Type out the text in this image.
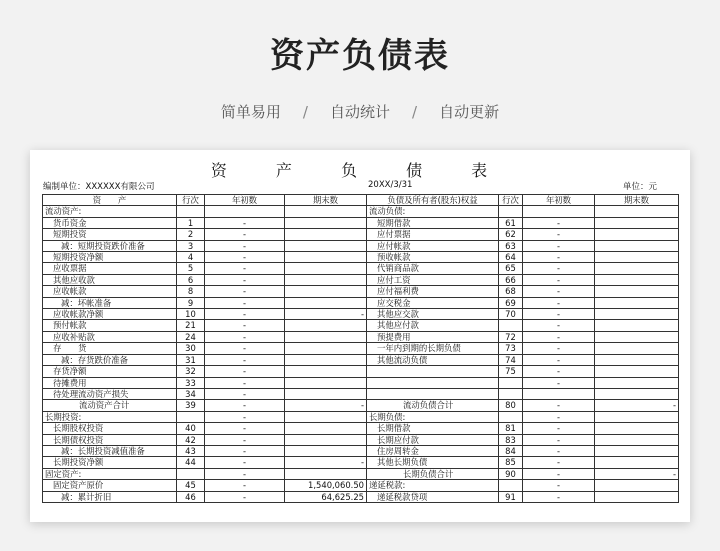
资产负债表
简单易用 / 自动统计 / 自动更新
资 产 负 债 表
编制单位：XXXXXX有限公司	20XX/3/31	单位：元
资　　产	行次	年初数	期末数	负债及所有者(股东)权益	行次	年初数	期末数
流动资产:				流动负债:			
货币资金	1	-		短期借款	61	-	
短期投资	2	-		应付票据	62	-	
减：短期投资跌价准备	3	-		应付帐款	63	-	
短期投资净额	4	-		预收帐款	64	-	
应收票据	5	-		代销商品款	65	-	
其他应收款	6	-		应付工资	66	-	
应收帐款	8	-		应付福利费	68	-	
减：坏帐准备	9	-		应交税金	69	-	
应收帐款净额	10	-	-	其他应交款	70	-	
预付帐款	21	-		其他应付款		-	
应收补贴款	24	-		预提费用	72	-	
存　　货	30	-		一年内到期的长期负债	73	-	
减：存货跌价准备	31	-		其他流动负债	74	-	
存货净额	32	-			75	-	
待摊费用	33	-				-	
待处理流动资产损失	34	-					
流动资产合计	39	-	-	流动负债合计	80	-	-
长期投资:		-		长期负债:		-	
长期股权投资	40	-		长期借款	81	-	
长期债权投资	42	-		长期应付款	83	-	
减：长期投资减值准备	43	-		住房周转金	84	-	
长期投资净额	44	-	-	其他长期负债	85	-	
固定资产:		-		长期负债合计	90	-	-
固定资产原价	45	-	1,540,060.50	递延税款:		-	
减：累计折旧	46	-	64,625.25	递延税款贷项	91	-	
